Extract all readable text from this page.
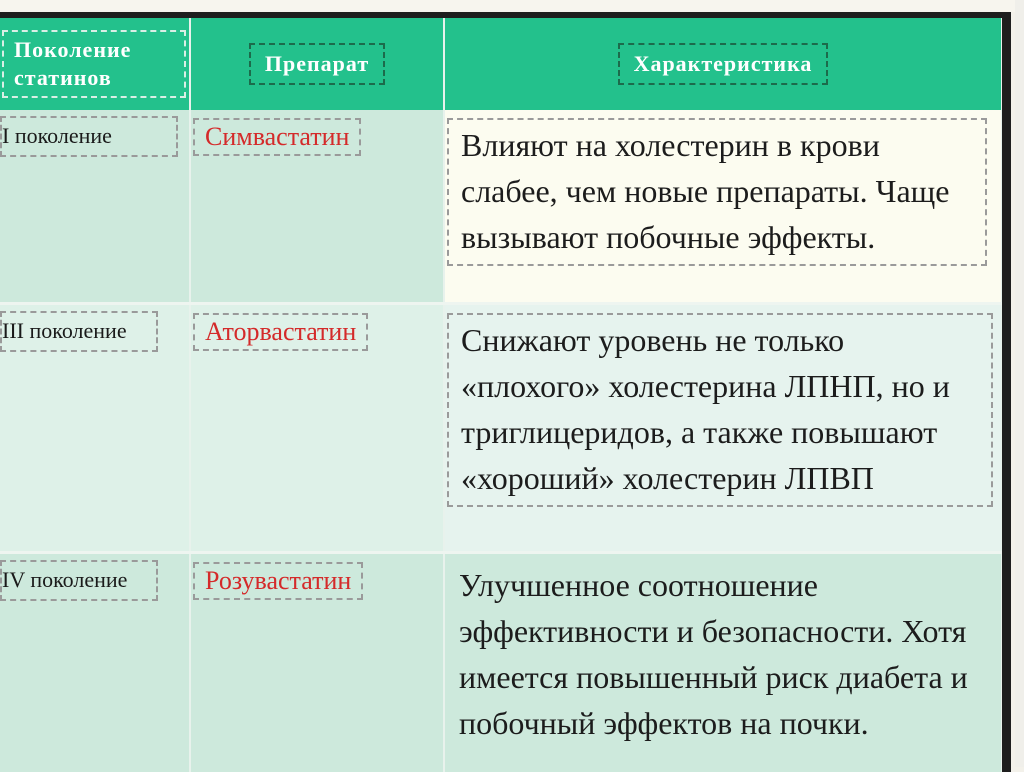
Поколение статинов	Препарат	Характеристика
I поколение	Симвастатин	Влияют на холестерин в крови слабее, чем новые препараты. Чаще вызывают побочные эффекты.
III поколение	Аторвастатин	Снижают уровень не только «плохого» холестерина ЛПНП, но и триглицеридов, а также повышают «хороший» холестерин ЛПВП
IV поколение	Розувастатин	Улучшенное соотношение эффективности и безопасности. Хотя имеется повышенный риск диабета и побочный эффектов на почки.
